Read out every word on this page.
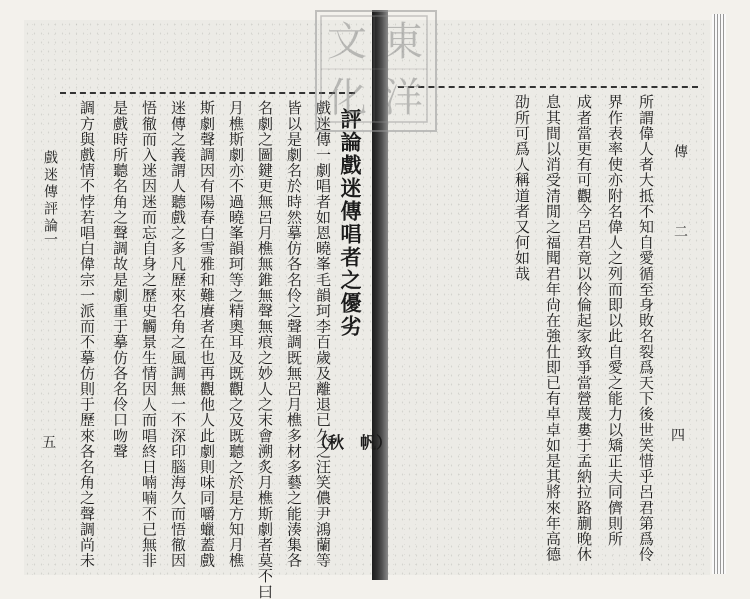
戲迷傳評論
一
五 調方與戲情不悖若唱白偉宗一派而不摹仿則于歷來各名角之聲調尚未 是戲時所聽名角之聲調故是劇重于摹仿各名伶口吻聲 悟徹而入迷因迷而忘自身之歷史觸景生情因人而唱終日喃喃不已無非 迷傳之義謂人聽戲之多凡歷來名角之風調無一不深印腦海久而悟徹因 斯劇聲調因有陽春白雪雅和難賡者在也再觀他人此劇則味同嚼蠟蓋戲 月樵斯劇亦不過曉峯韻珂等之精奧耳及既觀之及既聽之於是方知月樵 名劇之圖鍵更無呂月樵無錐無聲無痕之妙人之末會溯炙月樵斯劇者莫不曰 皆以是劇名於時然摹仿各名伶之聲調既無呂月樵多材多藝之能湊集各 戲迷傳一劇唱者如恩曉峯毛韻珂李百歲及離退已久之汪笑儂尹鴻蘭等 評論戲迷傳唱者之優劣
（秋　帆）
傳
二
四
所謂偉人者大抵不知自愛循至身敗名裂爲天下後世笑惜乎呂君第爲伶
界作表率使亦附名偉人之列而即以此自愛之能力以矯正夫同儕則所
成者當更有可觀今呂君竟以伶倫起家致爭當營蔑婁于孟納拉路蒯晚休
息其間以消受清閒之福聞君年尙在強仕即已有卓卓如是其將來年高德
劭所可爲人稱道者又何如哉
東
洋
文
化
